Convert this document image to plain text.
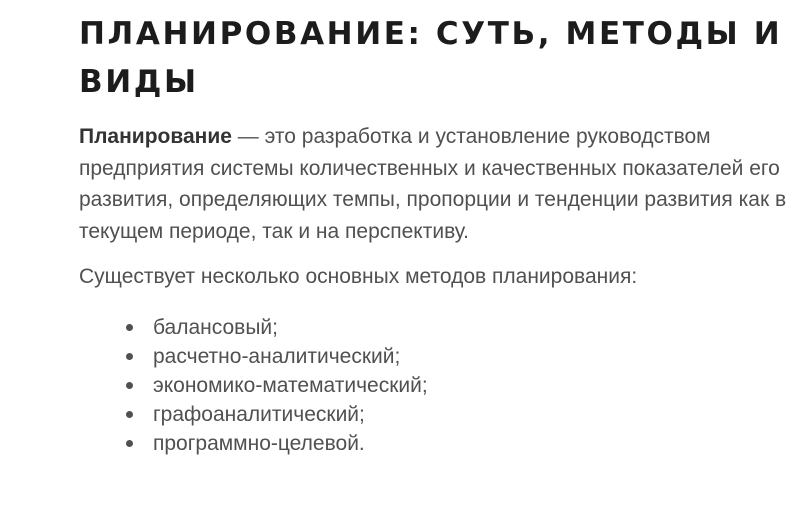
ПЛАНИРОВАНИЕ: СУТЬ, МЕТОДЫ И ВИДЫ

Планирование — это разработка и установление руководством предприятия системы количественных и качественных показателей его развития, определяющих темпы, пропорции и тенденции развития как в текущем периоде, так и на перспективу.

Существует несколько основных методов планирования:

балансовый;
расчетно-аналитический;
экономико-математический;
графоаналитический;
программно-целевой.
